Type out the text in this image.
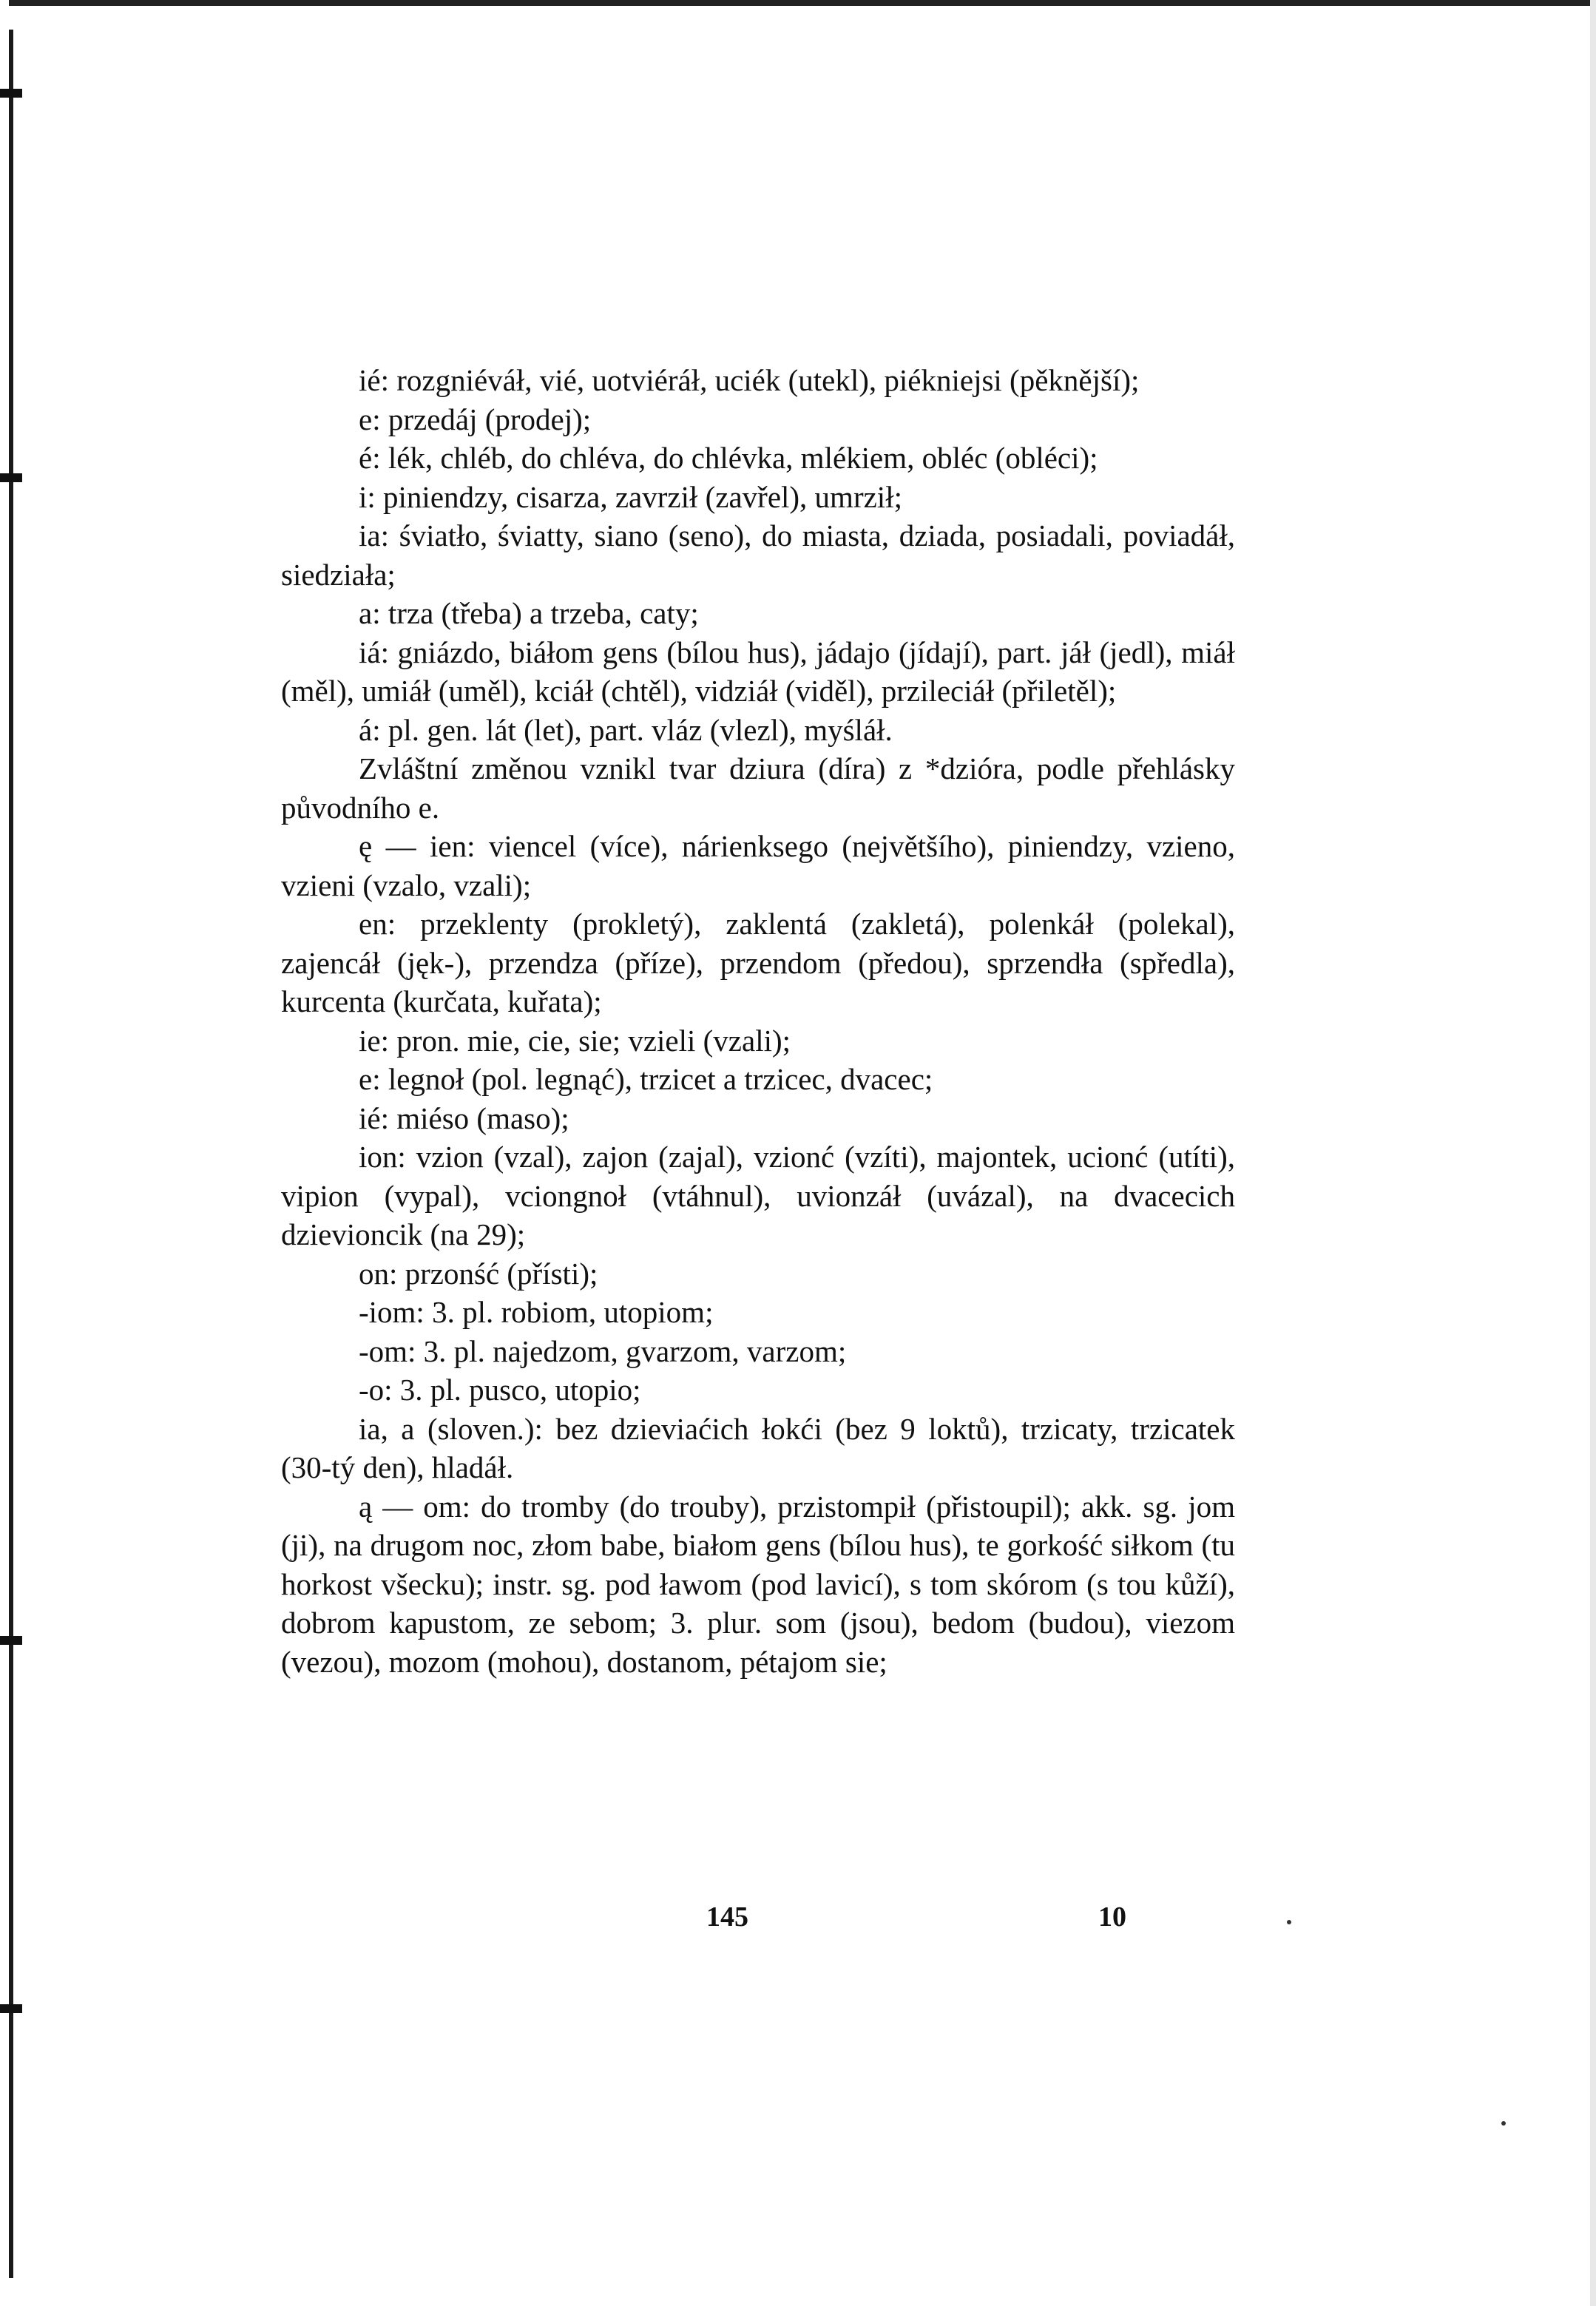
ié: rozgniéváł, vié, uotviéráł, uciék (utekl), piékniejsi (pěknější);

e: przedáj (prodej);

é: lék, chléb, do chléva, do chlévka, mlékiem, obléc (obléci);

i: piniendzy, cisarza, zavrził (zavřel), umrził;

ia: śviatło, śviatty, siano (seno), do miasta, dziada, posiadali, poviadáł, siedziała;

a: trza (třeba) a trzeba, caty;

iá: gniázdo, biáłom gens (bílou hus), jádajo (jídají), part. jáł (jedl), miáł (měl), umiáł (uměl), kciáł (chtěl), vidziáł (viděl), przileciáł (přiletěl);

á: pl. gen. lát (let), part. vláz (vlezl), myśláł.

Zvláštní změnou vznikl tvar dziura (díra) z *dzióra, podle přehlásky původního e.

ę — ien: viencel (více), nárienksego (největšího), piniendzy, vzieno, vzieni (vzalo, vzali);

en: przeklenty (prokletý), zaklentá (zakletá), polenkáł (polekal), zajencáł (jęk-), przendza (příze), przendom (předou), sprzendła (spředla), kurcenta (kurčata, kuřata);

ie: pron. mie, cie, sie; vzieli (vzali);

e: legnoł (pol. legnąć), trzicet a trzicec, dvacec;

ié: miéso (maso);

ion: vzion (vzal), zajon (zajal), vzionć (vzíti), majontek, ucionć (utíti), vipion (vypal), vciongnoł (vtáhnul), uvionzáł (uvázal), na dvacecich dzievioncik (na 29);

on: przonść (přísti);

-iom: 3. pl. robiom, utopiom;

-om: 3. pl. najedzom, gvarzom, varzom;

-o: 3. pl. pusco, utopio;

ia, a (sloven.): bez dzieviaćich łokći (bez 9 loktů), trzicaty, trzicatek (30-tý den), hladáł.

ą — om: do tromby (do trouby), przistompił (přistoupil); akk. sg. jom (ji), na drugom noc, złom babe, białom gens (bílou hus), te gorkość siłkom (tu horkost všecku); instr. sg. pod ławom (pod lavicí), s tom skórom (s tou kůží), dobrom kapustom, ze sebom; 3. plur. som (jsou), bedom (budou), viezom (vezou), mozom (mohou), dostanom, pétajom sie;

145	10
